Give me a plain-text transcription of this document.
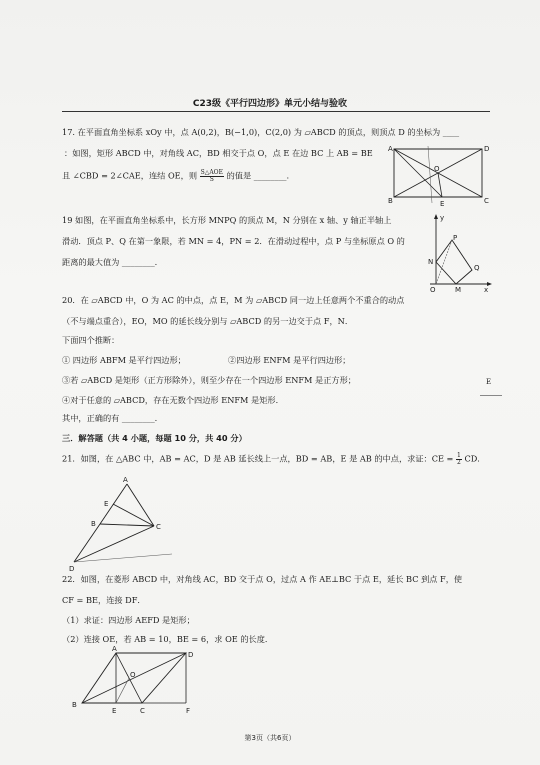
C23级《平行四边形》单元小结与验收
17. 在平面直角坐标系 xOy 中，点 A(0,2)，B(−1,0)，C(2,0) 为 ▱ABCD 的顶点，则顶点 D 的坐标为 ____
：如图，矩形 ABCD 中，对角线 AC，BD 相交于点 O，点 E 在边 BC 上 AB = BE
且 ∠CBD = 2∠CAE，连结 OE，则 $\frac{\text{S△AOE}}{S}$ 的值是 ________.
A	D
O
B	E	C
19 如图，在平面直角坐标系中，长方形 MNPQ 的顶点 M，N 分别在 x 轴、y 轴正半轴上
滑动．顶点 P、Q 在第一象限，若 MN = 4，PN = 2．在滑动过程中，点 P 与坐标原点 O 的
距离的最大值为 ________.
y
P
N
Q
O	M	x
20．在 ▱ABCD 中，O 为 AC 的中点，点 E，M 为 ▱ABCD 同一边上任意两个不重合的动点
（不与端点重合），EO，MO 的延长线分别与 ▱ABCD 的另一边交于点 F，N．
下面四个推断：
① 四边形 ABFM 是平行四边形；	②四边形 ENFM 是平行四边形；
③若 ▱ABCD 是矩形（正方形除外），则至少存在一个四边形 ENFM 是正方形；
④对于任意的 ▱ABCD，存在无数个四边形 ENFM 是矩形．
其中，正确的有 ________.
E
三．解答题（共 4 小题，每题 10 分，共 40 分）
21．如图，在 △ABC 中，AB = AC，D 是 AB 延长线上一点，BD = AB，E 是 AB 的中点，求证：CE = $\frac{1}{2}$ CD．
A
E
B	C
D
22．如图，在菱形 ABCD 中，对角线 AC，BD 交于点 O，过点 A 作 AE⊥BC 于点 E，延长 BC 到点 F，使
CF = BE，连接 DF．
（1）求证：四边形 AEFD 是矩形；
（2）连接 OE，若 AB = 10，BE = 6，求 OE 的长度．
A
D
O
B
E	C	F
第3页（共6页）
